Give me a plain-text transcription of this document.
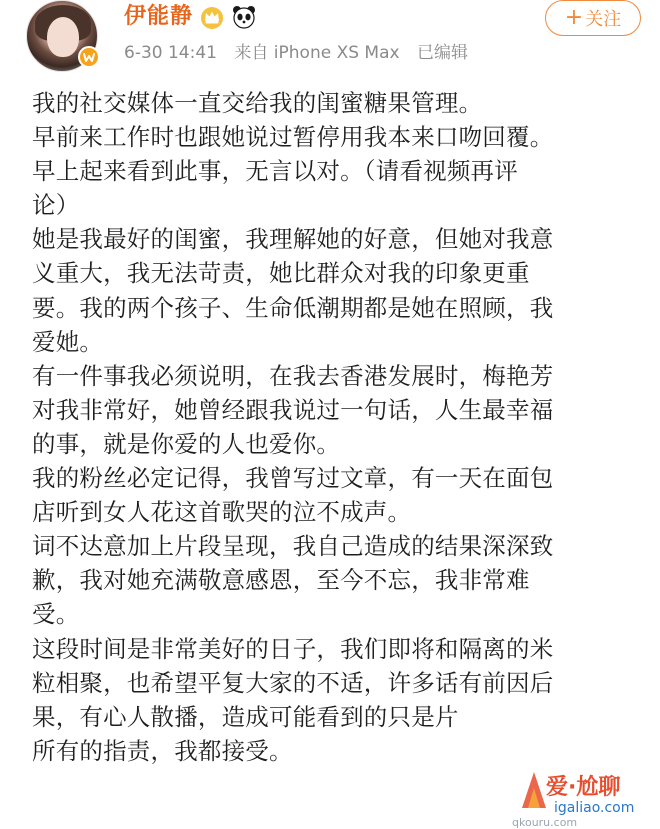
伊能静
6-30 14:41 来自 iPhone XS Max 已编辑
+ 关注
我的社交媒体一直交给我的闺蜜糖果管理。
早前来工作时也跟她说过暂停用我本来口吻回覆。
早上起来看到此事，无言以对。（请看视频再评
论）
她是我最好的闺蜜，我理解她的好意，但她对我意
义重大，我无法苛责，她比群众对我的印象更重
要。我的两个孩子、生命低潮期都是她在照顾，我
爱她。
有一件事我必须说明，在我去香港发展时，梅艳芳
对我非常好，她曾经跟我说过一句话，人生最幸福
的事，就是你爱的人也爱你。
我的粉丝必定记得，我曾写过文章，有一天在面包
店听到女人花这首歌哭的泣不成声。
词不达意加上片段呈现，我自己造成的结果深深致
歉，我对她充满敬意感恩，至今不忘，我非常难
受。
这段时间是非常美好的日子，我们即将和隔离的米
粒相聚，也希望平复大家的不适，许多话有前因后
果，有心人散播，造成可能看到的只是片
所有的指责，我都接受。
爱·尬聊
igaliao.com
qkouru.com
